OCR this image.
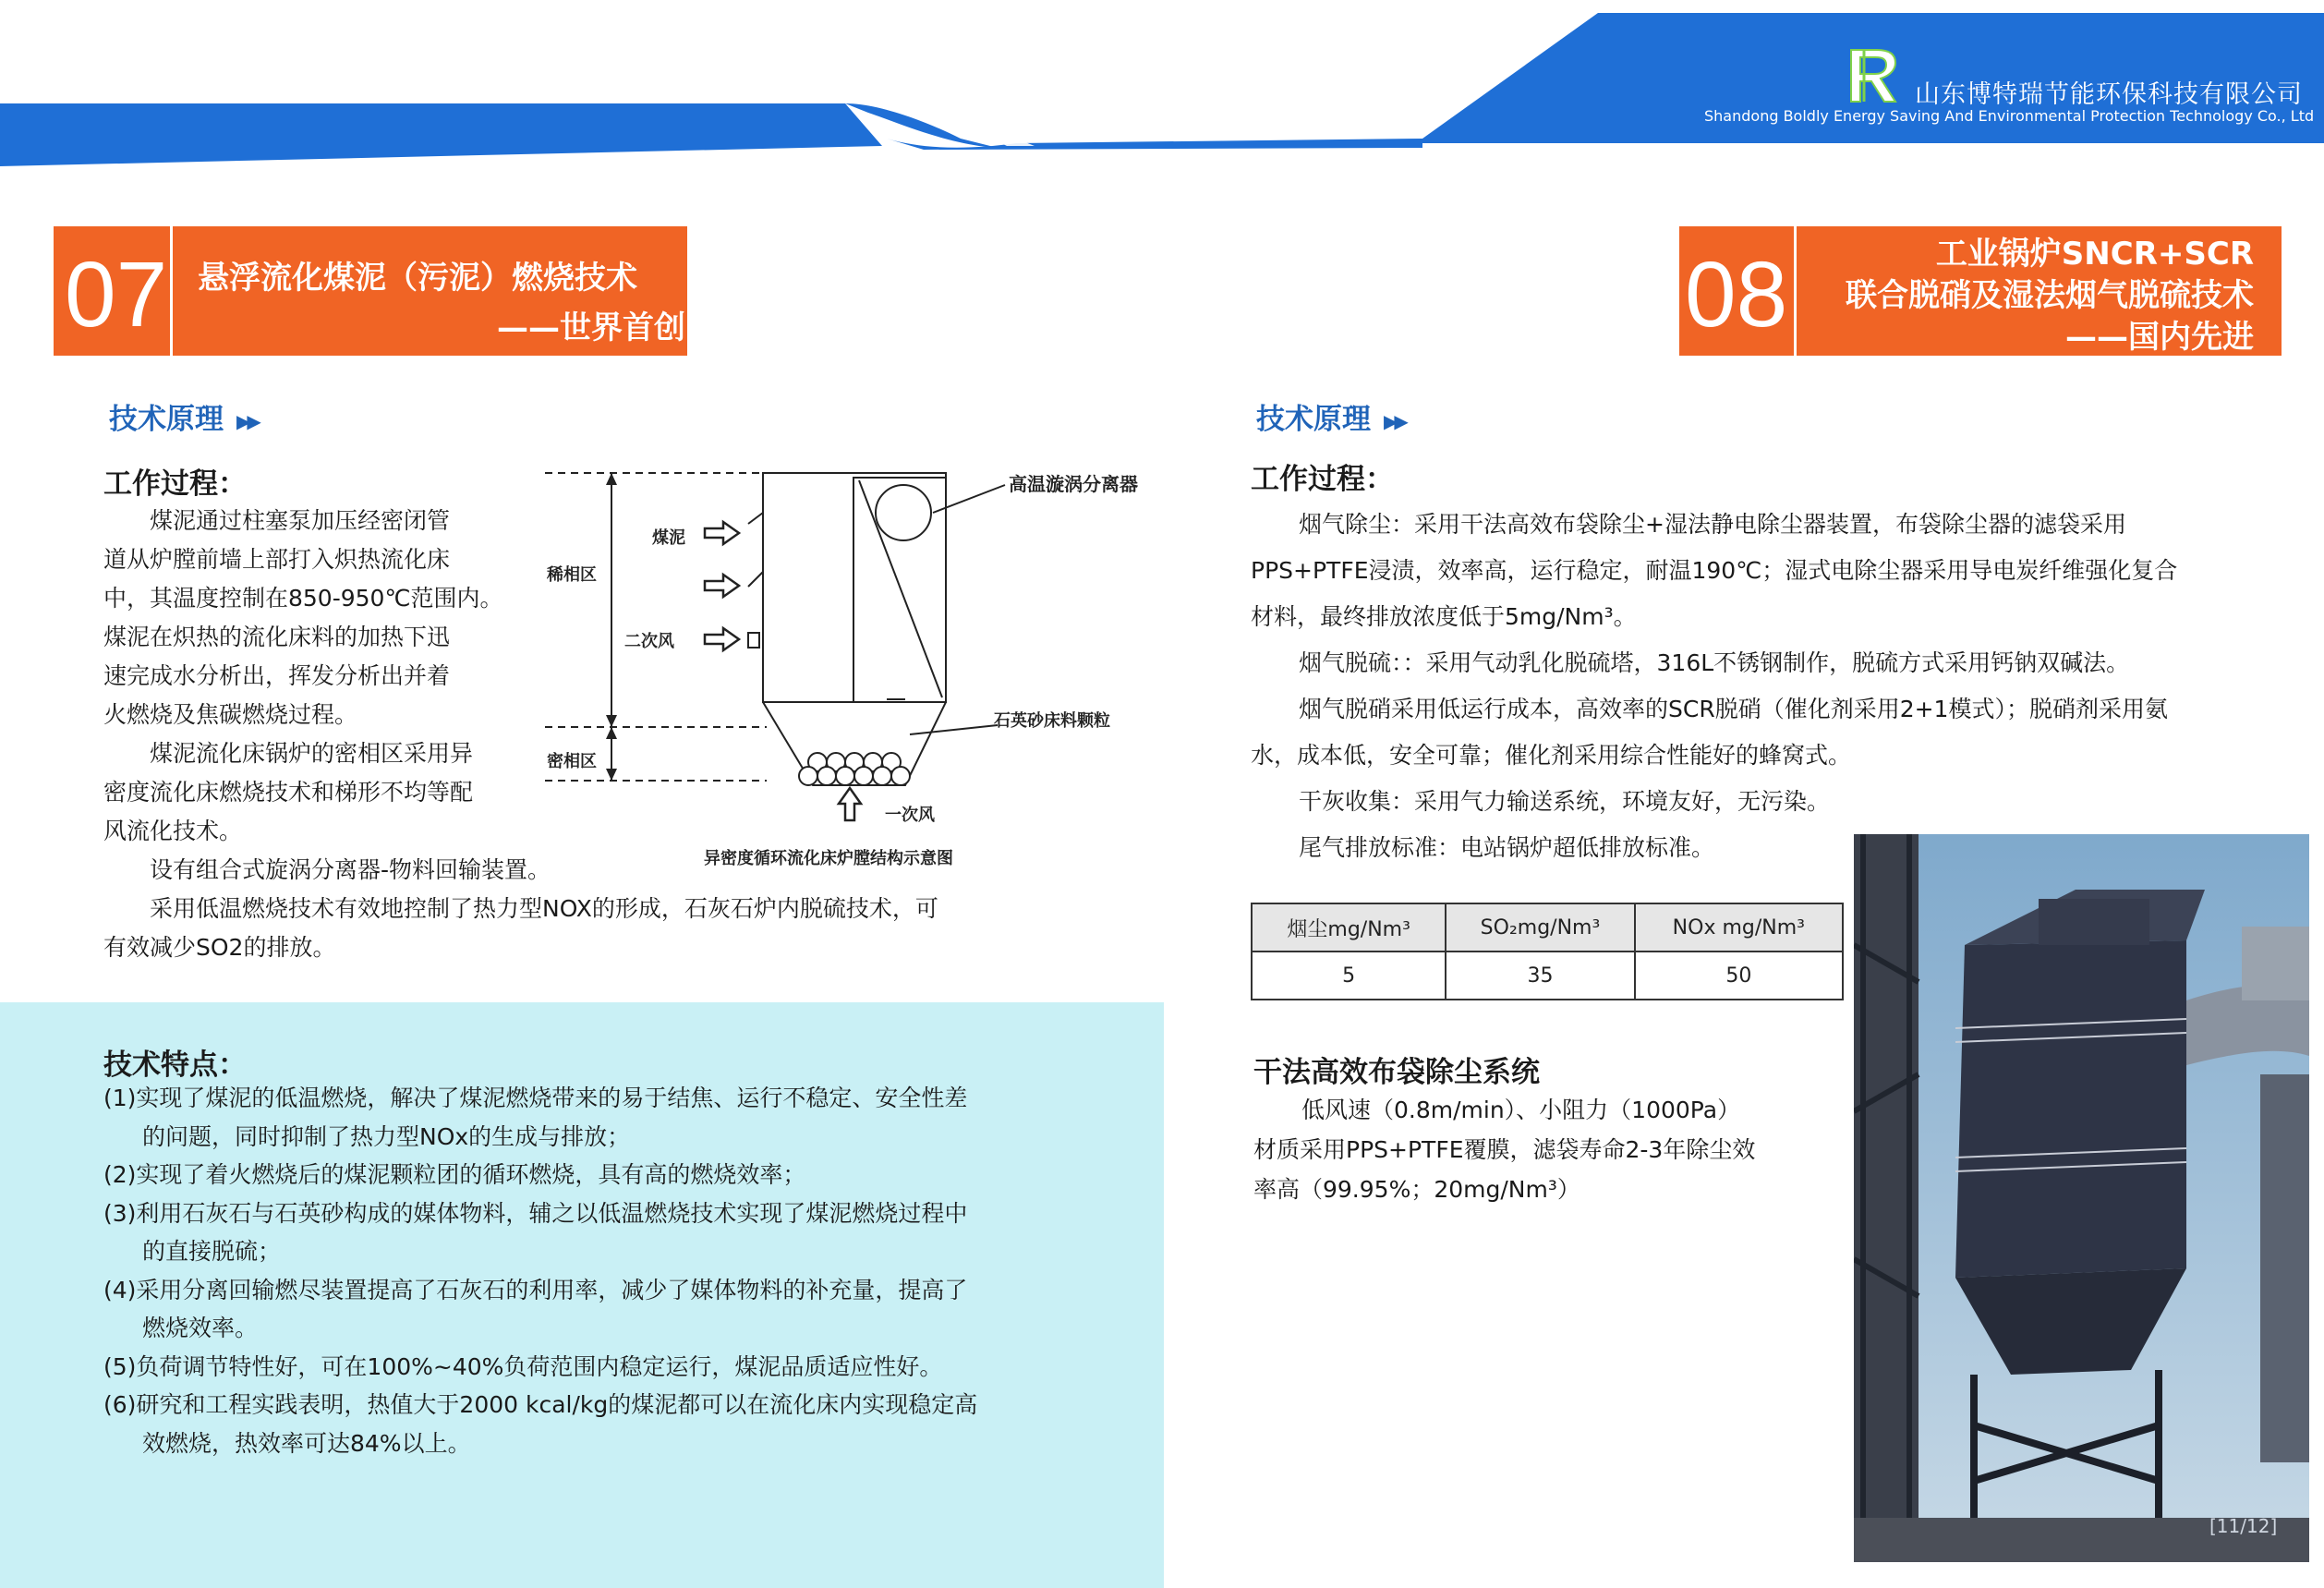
山东博特瑞节能环保科技有限公司
Shandong Boldly Energy Saving And Environmental Protection Technology Co., Ltd
07 悬浮流化煤泥（污泥）燃烧技术
——世界首创
技术原理 ▶▶
工作过程：

煤泥通过柱塞泵加压经密闭管

道从炉膛前墙上部打入炽热流化床

中，其温度控制在850-950℃范围内。

煤泥在炽热的流化床料的加热下迅

速完成水分析出，挥发分析出并着

火燃烧及焦碳燃烧过程。

煤泥流化床锅炉的密相区采用异

密度流化床燃烧技术和梯形不均等配

风流化技术。

设有组合式旋涡分离器-物料回输装置。

采用低温燃烧技术有效地控制了热力型NOX的形成，石灰石炉内脱硫技术，可

有效减少SO2的排放。

高温漩涡分离器
煤泥
稀相区
二次风
密相区
石英砂床料颗粒
一次风
异密度循环流化床炉膛结构示意图
技术特点：

(1)实现了煤泥的低温燃烧，解决了煤泥燃烧带来的易于结焦、运行不稳定、安全性差

的问题，同时抑制了热力型NOx的生成与排放；

(2)实现了着火燃烧后的煤泥颗粒团的循环燃烧，具有高的燃烧效率；

(3)利用石灰石与石英砂构成的媒体物料，辅之以低温燃烧技术实现了煤泥燃烧过程中

的直接脱硫；

(4)采用分离回输燃尽装置提高了石灰石的利用率，减少了媒体物料的补充量，提高了

燃烧效率。

(5)负荷调节特性好，可在100%~40%负荷范围内稳定运行，煤泥品质适应性好。

(6)研究和工程实践表明，热值大于2000 kcal/kg的煤泥都可以在流化床内实现稳定高

效燃烧，热效率可达84%以上。

08	工业锅炉SNCR+SCR
联合脱硝及湿法烟气脱硫技术
——国内先进
技术原理 ▶▶
工作过程：

烟气除尘：采用干法高效布袋除尘+湿法静电除尘器装置，布袋除尘器的滤袋采用

PPS+PTFE浸渍，效率高，运行稳定，耐温190℃；湿式电除尘器采用导电炭纤维强化复合

材料，最终排放浓度低于5mg/Nm³。

烟气脱硫：：采用气动乳化脱硫塔，316L不锈钢制作，脱硫方式采用钙钠双碱法。

烟气脱硝采用低运行成本，高效率的SCR脱硝（催化剂采用2+1模式）；脱硝剂采用氨

水，成本低，安全可靠；催化剂采用综合性能好的蜂窝式。

干灰收集：采用气力输送系统，环境友好，无污染。

尾气排放标准：电站锅炉超低排放标准。

烟尘mg/Nm³	SO₂mg/Nm³	NOx mg/Nm³
5	35	50
干法高效布袋除尘系统

低风速（0.8m/min）、小阻力（1000Pa）

材质采用PPS+PTFE覆膜，滤袋寿命2-3年除尘效

率高（99.95%；20mg/Nm³）

[11/12]
